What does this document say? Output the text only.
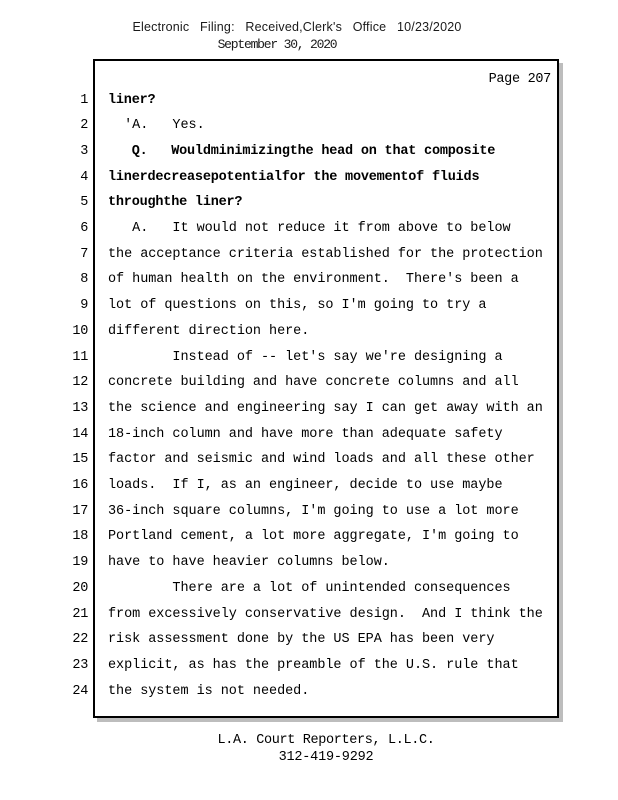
Electronic Filing: Received,Clerk's Office 10/23/2020
September 30, 2020
Page 207
1 liner?
2 'A.   Yes.
3 Q.   Wouldminimizingthe head on that composite
4 linerdecreasepotentialfor the movementof fluids
5 throughthe liner?
6 A.   It would not reduce it from above to below
7 the acceptance criteria established for the protection
8 of human health on the environment.  There's been a
9 lot of questions on this, so I'm going to try a
10 different direction here.
11 Instead of -- let's say we're designing a
12 concrete building and have concrete columns and all
13 the science and engineering say I can get away with an
14 18-inch column and have more than adequate safety
15 factor and seismic and wind loads and all these other
16 loads.  If I, as an engineer, decide to use maybe
17 36-inch square columns, I'm going to use a lot more
18 Portland cement, a lot more aggregate, I'm going to
19 have to have heavier columns below.
20 There are a lot of unintended consequences
21 from excessively conservative design.  And I think the
22 risk assessment done by the US EPA has been very
23 explicit, as has the preamble of the U.S. rule that
24 the system is not needed.
L.A. Court Reporters, L.L.C.
312-419-9292
